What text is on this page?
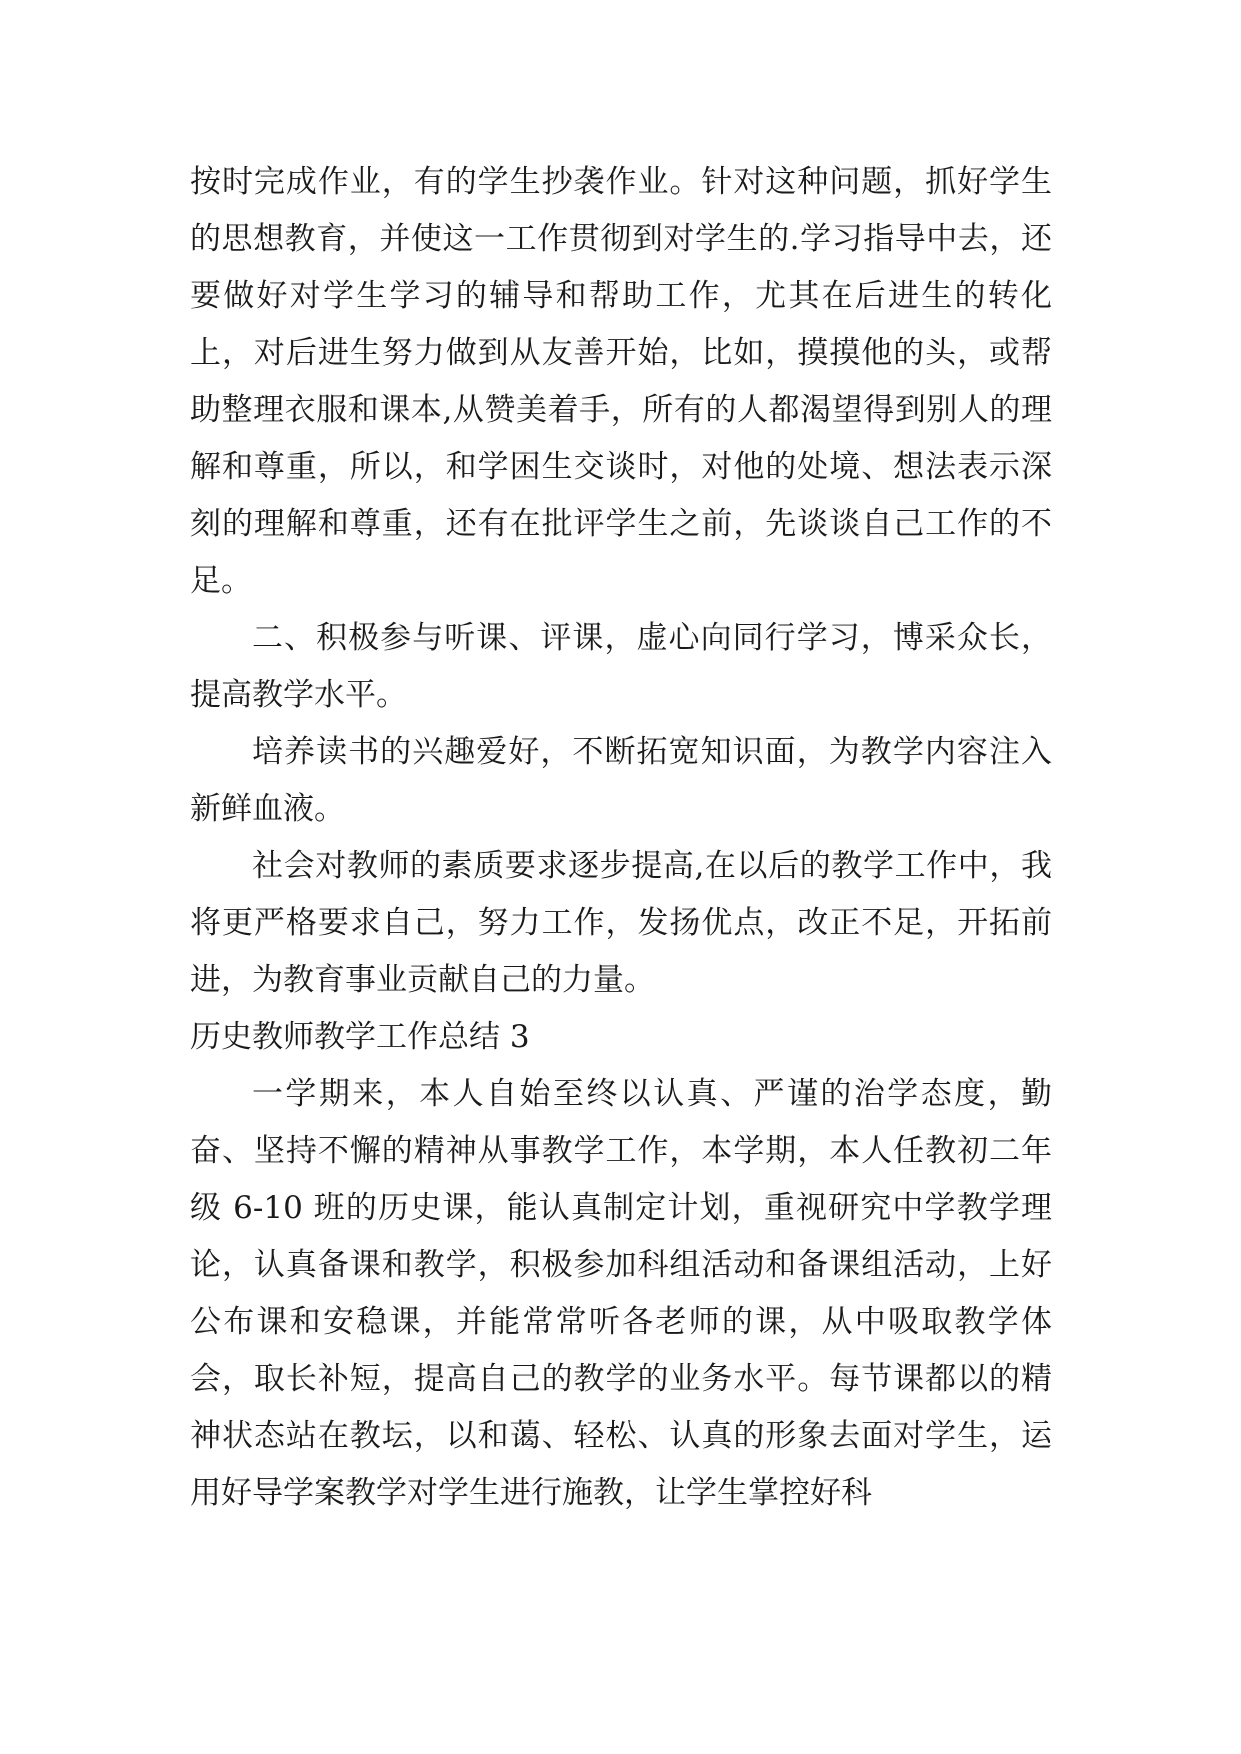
按时完成作业，有的学生抄袭作业。针对这种问题，抓好学生的思想教育，并使这一工作贯彻到对学生的.学习指导中去，还要做好对学生学习的辅导和帮助工作，尤其在后进生的转化上，对后进生努力做到从友善开始，比如，摸摸他的头，或帮助整理衣服和课本,从赞美着手，所有的人都渴望得到别人的理解和尊重，所以，和学困生交谈时，对他的处境、想法表示深刻的理解和尊重，还有在批评学生之前，先谈谈自己工作的不足。

二、积极参与听课、评课，虚心向同行学习，博采众长，提高教学水平。

培养读书的兴趣爱好，不断拓宽知识面，为教学内容注入新鲜血液。

社会对教师的素质要求逐步提高,在以后的教学工作中，我将更严格要求自己，努力工作，发扬优点，改正不足，开拓前进，为教育事业贡献自己的力量。

历史教师教学工作总结 3

一学期来，本人自始至终以认真、严谨的治学态度，勤奋、坚持不懈的精神从事教学工作，本学期，本人任教初二年级 6-10 班的历史课，能认真制定计划，重视研究中学教学理论，认真备课和教学，积极参加科组活动和备课组活动，上好公布课和安稳课，并能常常听各老师的课，从中吸取教学体会，取长补短，提高自己的教学的业务水平。每节课都以的精神状态站在教坛，以和蔼、轻松、认真的形象去面对学生，运用好导学案教学对学生进行施教，让学生掌控好科
